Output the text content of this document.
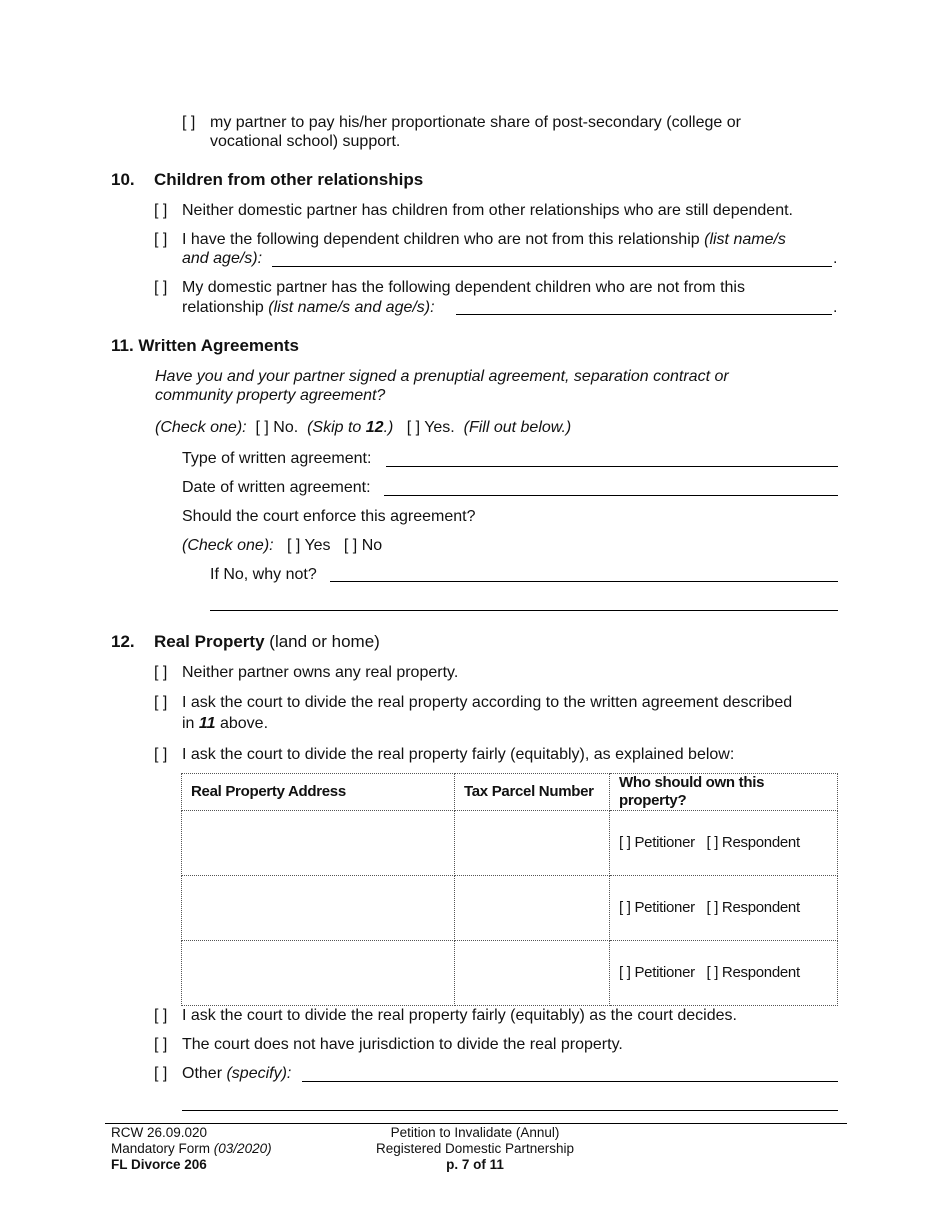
[ ] my partner to pay his/her proportionate share of post-secondary (college or
vocational school) support.
10. Children from other relationships
[ ] Neither domestic partner has children from other relationships who are still dependent.
[ ] I have the following dependent children who are not from this relationship (list name/s
and age/s):	.
[ ] My domestic partner has the following dependent children who are not from this
relationship (list name/s and age/s):	.
11. Written Agreements
Have you and your partner signed a prenuptial agreement, separation contract or
community property agreement?
(Check one): [ ] No. (Skip to 12.) [ ] Yes. (Fill out below.)
Type of written agreement:
Date of written agreement:
Should the court enforce this agreement?
(Check one): [ ] Yes [ ] No
If No, why not?
12. Real Property (land or home)
[ ] Neither partner owns any real property.
[ ] I ask the court to divide the real property according to the written agreement described
in 11 above.
[ ] I ask the court to divide the real property fairly (equitably), as explained below:
Real Property Address	Tax Parcel Number	Who should own this property?
		[ ] Petitioner [ ] Respondent
		[ ] Petitioner [ ] Respondent
		[ ] Petitioner [ ] Respondent
[ ] I ask the court to divide the real property fairly (equitably) as the court decides.
[ ] The court does not have jurisdiction to divide the real property.
[ ] Other (specify):
RCW 26.09.020
Mandatory Form (03/2020)
FL Divorce 206
Petition to Invalidate (Annul)
Registered Domestic Partnership
p. 7 of 11
